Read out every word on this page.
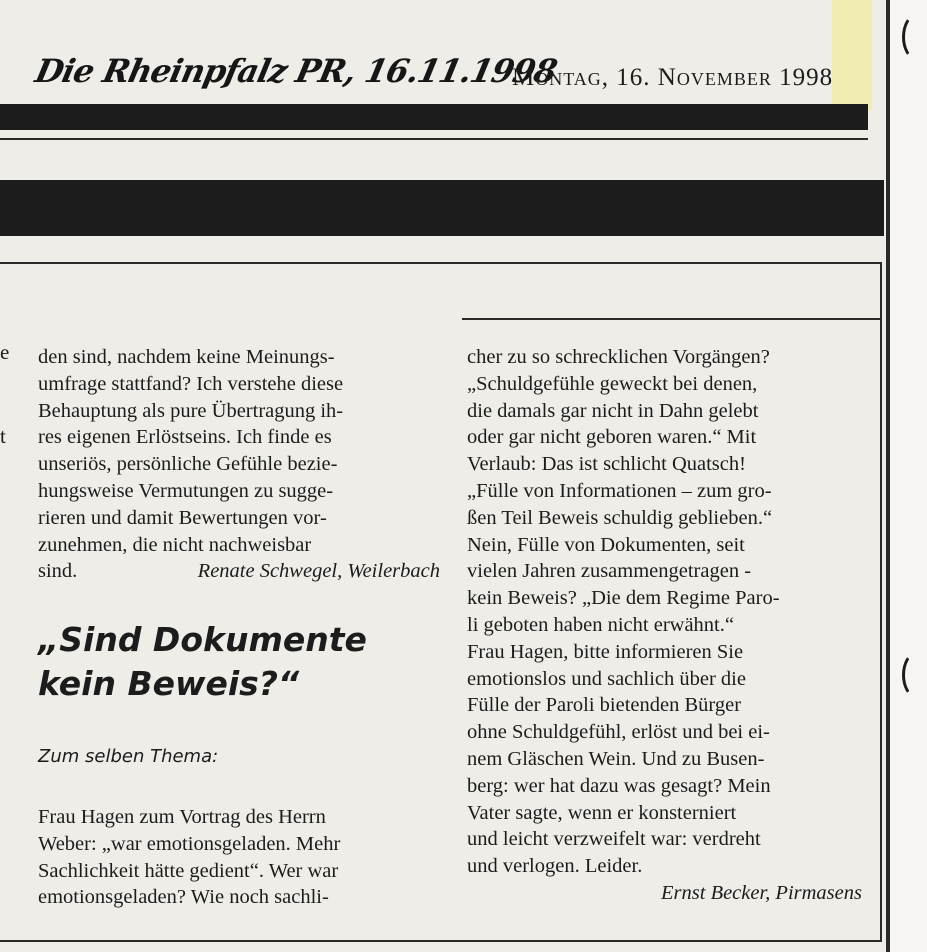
Die Rheinpfalz PR, 16.11.1998
Montag, 16. November 1998
e
t

den sind, nachdem keine Meinungs-

umfrage stattfand? Ich verstehe diese

Behauptung als pure Übertragung ih-

res eigenen Erlöstseins. Ich finde es

unseriös, persönliche Gefühle bezie-

hungsweise Vermutungen zu sugge-

rieren und damit Bewertungen vor-

zunehmen, die nicht nachweisbar

sind.	Renate Schwegel, Weilerbach

„Sind Dokumente

kein Beweis?“

Zum selben Thema:

Frau Hagen zum Vortrag des Herrn

Weber: „war emotionsgeladen. Mehr

Sachlichkeit hätte gedient“. Wer war

emotionsgeladen? Wie noch sachli-

cher zu so schrecklichen Vorgängen?

„Schuldgefühle geweckt bei denen,

die damals gar nicht in Dahn gelebt

oder gar nicht geboren waren.“ Mit

Verlaub: Das ist schlicht Quatsch!

„Fülle von Informationen – zum gro-

ßen Teil Beweis schuldig geblieben.“

Nein, Fülle von Dokumenten, seit

vielen Jahren zusammengetragen -

kein Beweis? „Die dem Regime Paro-

li geboten haben nicht erwähnt.“

Frau Hagen, bitte informieren Sie

emotionslos und sachlich über die

Fülle der Paroli bietenden Bürger

ohne Schuldgefühl, erlöst und bei ei-

nem Gläschen Wein. Und zu Busen-

berg: wer hat dazu was gesagt? Mein

Vater sagte, wenn er konsterniert

und leicht verzweifelt war: verdreht

und verlogen. Leider.

Ernst Becker, Pirmasens
